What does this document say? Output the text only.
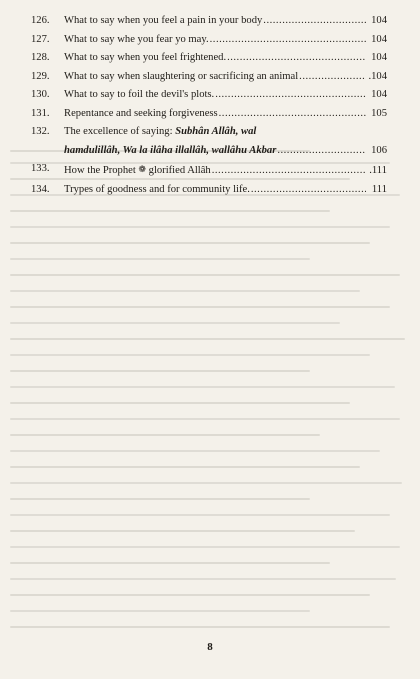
126.	What to say when you feel a pain in your body .....	104
127.	What to say whe you fear yo may. .....	104
128.	What to say when you feel frightened. .....	104
129.	What to say when slaughtering or sacrificing an animal .....	.104
130.	What to say to foil the devil's plots. .....	104
131.	Repentance and seeking forgiveness .....	105
132.	The excellence of saying: Subhân Allâh, wal
hamdulillâh, Wa la ilâha illallâh, wallâhu Akbar .....	106
133.	How the Prophet ❁ glorified Allâh .....	.111
134.	Trypes of goodness and for community life. .....	111
8
